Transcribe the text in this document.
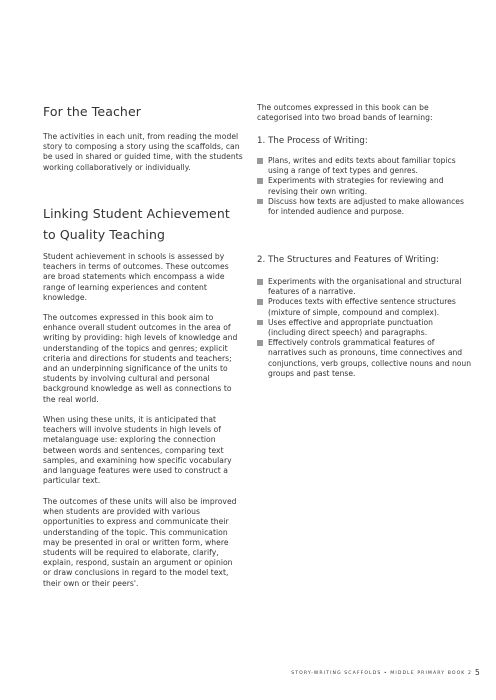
For the Teacher

The activities in each unit, from reading the model story to composing a story using the scaffolds, can be used in shared or guided time, with the students working collaboratively or individually.

Linking Student Achievement
to Quality Teaching

Student achievement in schools is assessed by teachers in terms of outcomes. These outcomes are broad statements which encompass a wide range of learning experiences and content knowledge.

The outcomes expressed in this book aim to enhance overall student outcomes in the area of writing by providing: high levels of knowledge and understanding of the topics and genres; explicit criteria and directions for students and teachers; and an underpinning significance of the units to students by involving cultural and personal background knowledge as well as connections to the real world.

When using these units, it is anticipated that teachers will involve students in high levels of metalanguage use: exploring the connection between words and sentences, comparing text samples, and examining how specific vocabulary and language features were used to construct a particular text.

The outcomes of these units will also be improved when students are provided with various opportunities to express and communicate their understanding of the topic. This communication may be presented in oral or written form, where students will be required to elaborate, clarify, explain, respond, sustain an argument or opinion or draw conclusions in regard to the model text, their own or their peers'.

The outcomes expressed in this book can be categorised into two broad bands of learning:

1. The Process of Writing:
Plans, writes and edits texts about familiar topics using a range of text types and genres.
Experiments with strategies for reviewing and revising their own writing.
Discuss how texts are adjusted to make allowances for intended audience and purpose.
2. The Structures and Features of Writing:
Experiments with the organisational and structural features of a narrative.
Produces texts with effective sentence structures (mixture of simple, compound and complex).
Uses effective and appropriate punctuation (including direct speech) and paragraphs.
Effectively controls grammatical features of narratives such as pronouns, time connectives and conjunctions, verb groups, collective nouns and noun groups and past tense.
STORY-WRITING SCAFFOLDS • MIDDLE PRIMARY BOOK 2 5
